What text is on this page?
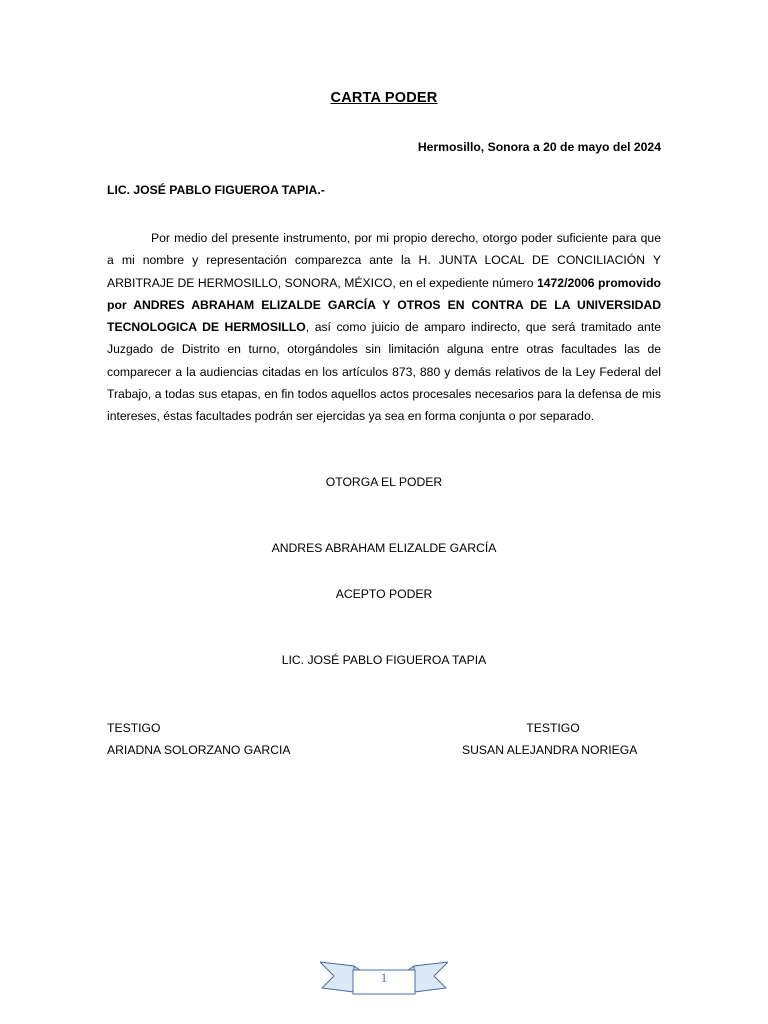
CARTA PODER
Hermosillo, Sonora a 20 de mayo del 2024
LIC. JOSÉ PABLO FIGUEROA TAPIA.-

Por medio del presente instrumento, por mi propio derecho, otorgo poder suficiente para que a mi nombre y representación comparezca ante la H. JUNTA LOCAL DE CONCILIACIÓN Y ARBITRAJE DE HERMOSILLO, SONORA, MÉXICO, en el expediente número 1472/2006 promovido por ANDRES ABRAHAM ELIZALDE GARCÍA Y OTROS EN CONTRA DE LA UNIVERSIDAD TECNOLOGICA DE HERMOSILLO, así como juicio de amparo indirecto, que será tramitado ante Juzgado de Distrito en turno, otorgándoles sin limitación alguna entre otras facultades las de comparecer a la audiencias citadas en los artículos 873, 880 y demás relativos de la Ley Federal del Trabajo, a todas sus etapas, en fin todos aquellos actos procesales necesarios para la defensa de mis intereses, éstas facultades podrán ser ejercidas ya sea en forma conjunta o por separado.

OTORGA EL PODER
ANDRES ABRAHAM ELIZALDE GARCÍA
ACEPTO PODER
LIC. JOSÉ PABLO FIGUEROA TAPIA
TESTIGO
ARIADNA SOLORZANO GARCIA
TESTIGO
SUSAN ALEJANDRA NORIEGA
1
